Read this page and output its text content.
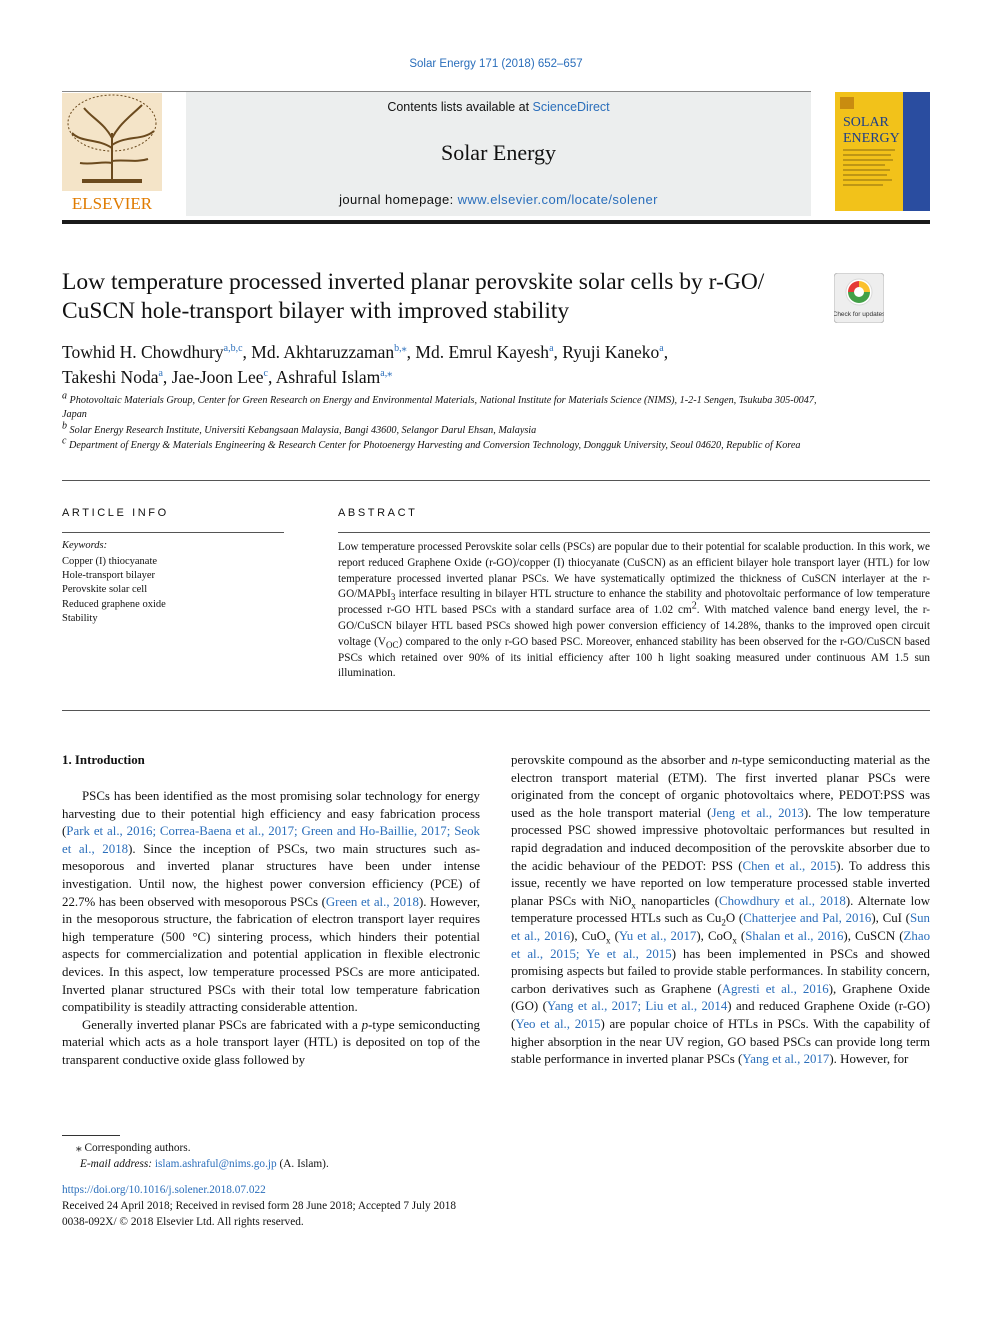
Solar Energy 171 (2018) 652–657
ELSEVIER
Contents lists available at ScienceDirect
Solar Energy
journal homepage: www.elsevier.com/locate/solener
SOLAR
ENERGY
Low temperature processed inverted planar perovskite solar cells by r-GO/ CuSCN hole-transport bilayer with improved stability	Check for updates
Towhid H. Chowdhury$^{a,b,c}$, Md. Akhtaruzzaman$^{b,⁎}$, Md. Emrul Kayesh$^a$, Ryuji Kaneko$^a$,
Takeshi Noda$^a$, Jae-Joon Lee$^c$, Ashraful Islam$^{a,⁎}$
$^a$ Photovoltaic Materials Group, Center for Green Research on Energy and Environmental Materials, National Institute for Materials Science (NIMS), 1-2-1 Sengen, Tsukuba 305-0047, Japan
$^b$ Solar Energy Research Institute, Universiti Kebangsaan Malaysia, Bangi 43600, Selangor Darul Ehsan, Malaysia
$^c$ Department of Energy & Materials Engineering & Research Center for Photoenergy Harvesting and Conversion Technology, Dongguk University, Seoul 04620, Republic of Korea
ARTICLE INFO
Keywords:
Copper (I) thiocyanate
Hole-transport bilayer
Perovskite solar cell
Reduced graphene oxide
Stability
ABSTRACT
Low temperature processed Perovskite solar cells (PSCs) are popular due to their potential for scalable production. In this work, we report reduced Graphene Oxide (r-GO)/copper (I) thiocyanate (CuSCN) as an efficient bilayer hole transport layer (HTL) for low temperature processed inverted planar PSCs. We have systematically optimized the thickness of CuSCN interlayer at the r-GO/MAPbI$_3$ interface resulting in bilayer HTL structure to enhance the stability and photovoltaic performance of low temperature processed r-GO HTL based PSCs with a standard surface area of 1.02 $cm^2$. With matched valence band energy level, the r-GO/CuSCN bilayer HTL based PSCs showed high power conversion efficiency of 14.28%, thanks to the improved open circuit voltage $(V_{OC})$ compared to the only r-GO based PSC. Moreover, enhanced stability has been observed for the r-GO/CuSCN based PSCs which retained over 90% of its initial efficiency after 100 h light soaking measured under continuous AM 1.5 sun illumination.
1. Introduction

PSCs has been identified as the most promising solar technology for energy harvesting due to their potential high efficiency and easy fabrication process (Park et al., 2016; Correa-Baena et al., 2017; Green and Ho-Baillie, 2017; Seok et al., 2018). Since the inception of PSCs, two main structures such as- mesoporous and inverted planar structures have been under intense investigation. Until now, the highest power conversion efficiency (PCE) of 22.7% has been observed with mesoporous PSCs (Green et al., 2018). However, in the mesoporous structure, the fabrication of electron transport layer requires high temperature (500 °C) sintering process, which hinders their potential aspects for commercialization and potential application in flexible electronic devices. In this aspect, low temperature processed PSCs are more anticipated. Inverted planar structured PSCs with their total low temperature fabrication compatibility is steadily attracting considerable attention.

Generally inverted planar PSCs are fabricated with a p-type semiconducting material which acts as a hole transport layer (HTL) is deposited on top of the transparent conductive oxide glass followed by

perovskite compound as the absorber and n-type semiconducting material as the electron transport material (ETM). The first inverted planar PSCs were originated from the concept of organic photovoltaics where, PEDOT:PSS was used as the hole transport material (Jeng et al., 2013). The low temperature processed PSC showed impressive photovoltaic performances but resulted in rapid degradation and induced decomposition of the perovskite absorber due to the acidic behaviour of the PEDOT: PSS (Chen et al., 2015). To address this issue, recently we have reported on low temperature processed stable inverted planar PSCs with NiO$_x$ nanoparticles (Chowdhury et al., 2018). Alternate low temperature processed HTLs such as $Cu_2O$ (Chatterjee and Pal, 2016), CuI (Sun et al., 2016), CuO$_x$ (Yu et al., 2017), CoO$_x$ (Shalan et al., 2016), CuSCN (Zhao et al., 2015; Ye et al., 2015) has been implemented in PSCs and showed promising aspects but failed to provide stable performances. In stability concern, carbon derivatives such as Graphene (Agresti et al., 2016), Graphene Oxide (GO) (Yang et al., 2017; Liu et al., 2014) and reduced Graphene Oxide (r-GO) (Yeo et al., 2015) are popular choice of HTLs in PSCs. With the capability of higher absorption in the near UV region, GO based PSCs can provide long term stable performance in inverted planar PSCs (Yang et al., 2017). However, for

⁎ Corresponding authors.
E-mail address: islam.ashraful@nims.go.jp (A. Islam).
https://doi.org/10.1016/j.solener.2018.07.022
Received 24 April 2018; Received in revised form 28 June 2018; Accepted 7 July 2018
0038-092X/ © 2018 Elsevier Ltd. All rights reserved.
